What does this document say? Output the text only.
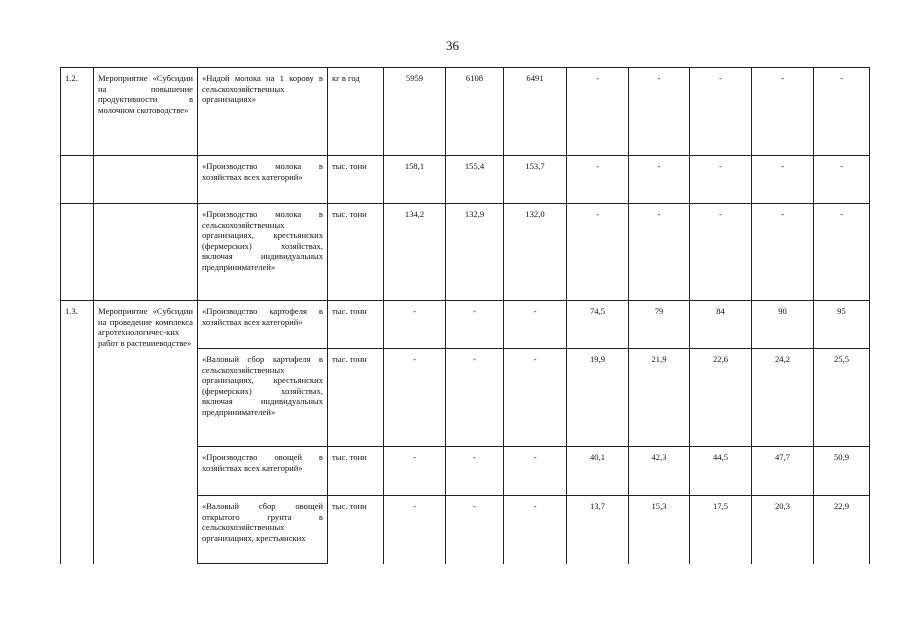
36
1.2.	Мероприятие «Субсидии на повышение продуктивности в молочном скотоводстве»	«Надой молока на 1 корову в сельскохозяйственных организациях»	кг в год	5959	6108	6491	-	-	-	-	-
		«Производство молока в хозяйствах всех категорий»	тыс. тонн	158,1	155,4	153,7	-	-	-	-	-
		«Производство молока в сельскохозяйственных организациях, крестьянских (фермерских) хозяйствах, включая индивидуальных предпринимателей»	тыс. тонн	134,2	132,9	132,0	-	-	-	-	-
1.3.	Мероприятие «Субсидии на проведение комплекса агротехнологичес-ких работ в растениеводстве»	«Производство картофеля в хозяйствах всех категорий»	тыс. тонн	-	-	-	74,5	79	84	90	95
		«Валовый сбор картофеля в сельскохозяйственных организациях, крестьянских (фермерских) хозяйствах, включая индивидуальных предпринимателей»	тыс. тонн	-	-	-	19,9	21,9	22,6	24,2	25,5
		«Производство овощей в хозяйствах всех категорий»	тыс. тонн	-	-	-	40,1	42,3	44,5	47,7	50,9
		«Валовый сбор овощей открытого грунта в сельскохозяйственных организациях, крестьянских	тыс. тонн	-	-	-	13,7	15,3	17,5	20,3	22,9
